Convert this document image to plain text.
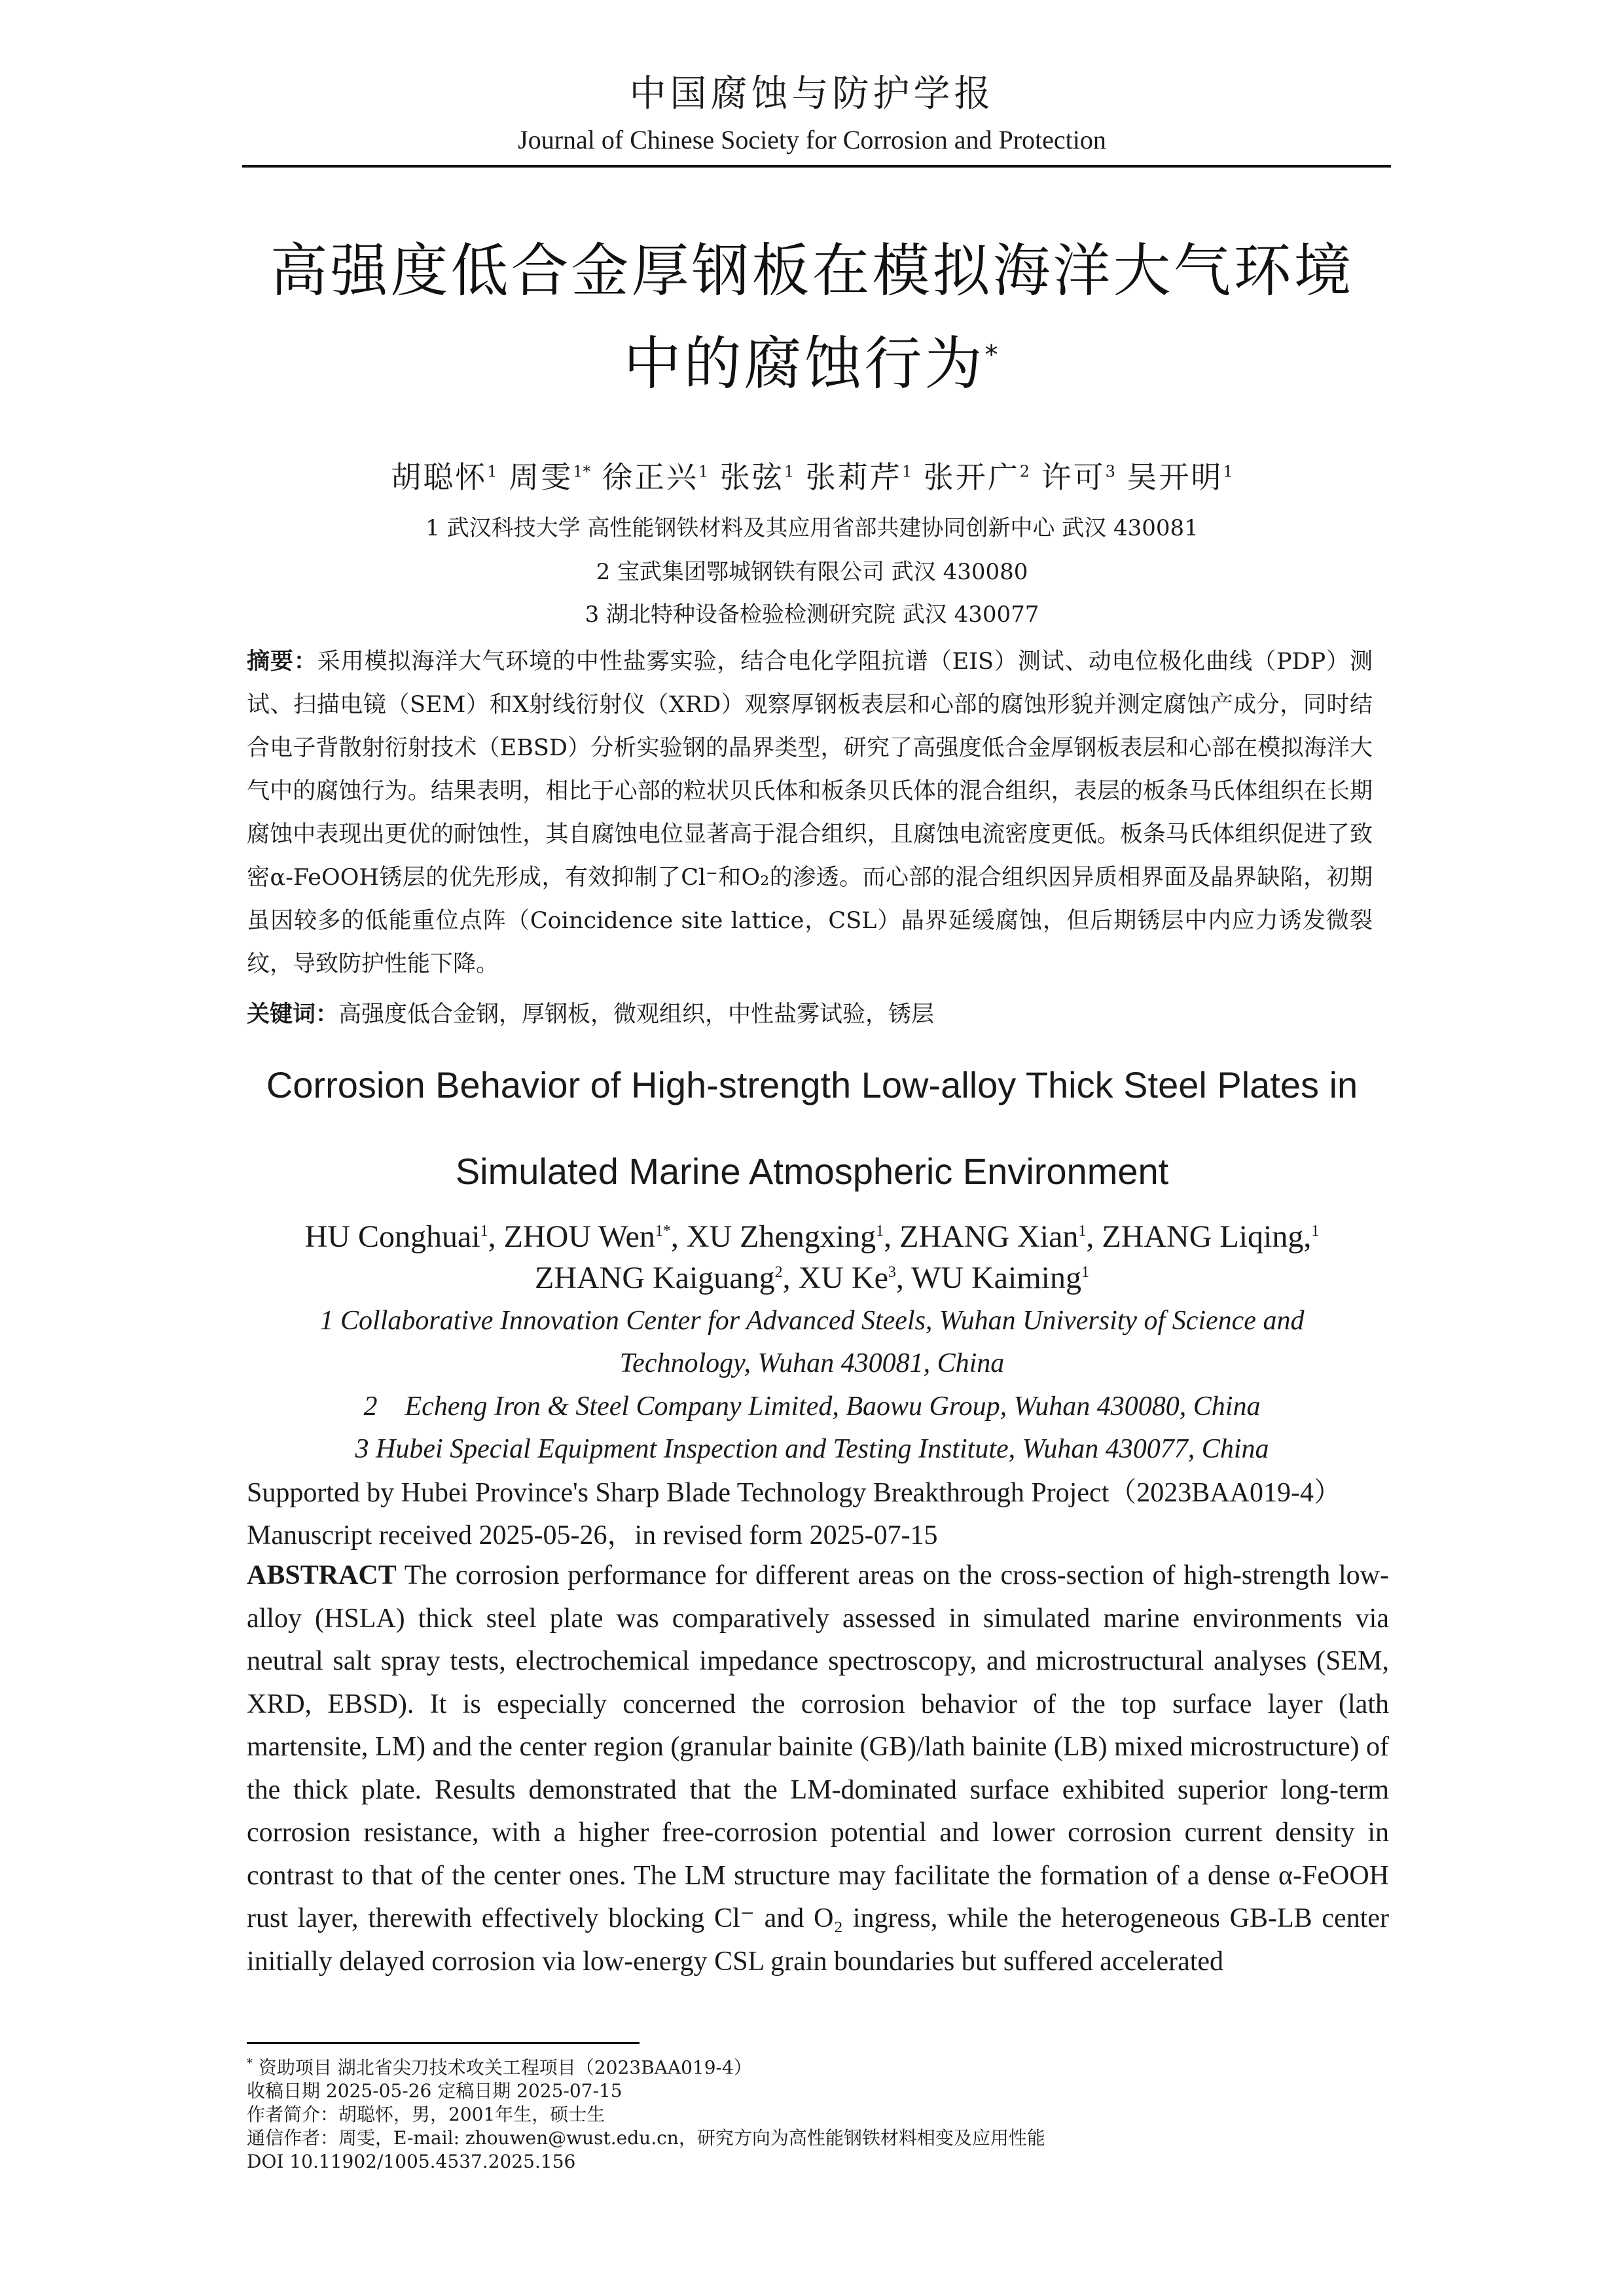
中国腐蚀与防护学报
Journal of Chinese Society for Corrosion and Protection
高强度低合金厚钢板在模拟海洋大气环境
中的腐蚀行为*
胡聪怀$^1$ 周雯$^{1*}$ 徐正兴$^1$ 张弦$^1$ 张莉芹$^1$ 张开广$^2$ 许可$^3$ 吴开明$^1$
1 武汉科技大学 高性能钢铁材料及其应用省部共建协同创新中心 武汉 430081
2 宝武集团鄂城钢铁有限公司 武汉 430080
3 湖北特种设备检验检测研究院 武汉 430077
摘要：采用模拟海洋大气环境的中性盐雾实验，结合电化学阻抗谱（EIS）测试、动电位极化曲线（PDP）测试、扫描电镜（SEM）和X射线衍射仪（XRD）观察厚钢板表层和心部的腐蚀形貌并测定腐蚀产成分，同时结合电子背散射衍射技术（EBSD）分析实验钢的晶界类型，研究了高强度低合金厚钢板表层和心部在模拟海洋大气中的腐蚀行为。结果表明，相比于心部的粒状贝氏体和板条贝氏体的混合组织，表层的板条马氏体组织在长期腐蚀中表现出更优的耐蚀性，其自腐蚀电位显著高于混合组织，且腐蚀电流密度更低。板条马氏体组织促进了致密α-FeOOH锈层的优先形成，有效抑制了Cl⁻和O₂的渗透。而心部的混合组织因异质相界面及晶界缺陷，初期虽因较多的低能重位点阵（Coincidence site lattice，CSL）晶界延缓腐蚀，但后期锈层中内应力诱发微裂纹，导致防护性能下降。
关键词：高强度低合金钢，厚钢板，微观组织，中性盐雾试验，锈层
Corrosion Behavior of High-strength Low-alloy Thick Steel Plates in
Simulated Marine Atmospheric Environment
HU Conghuai$^1$, ZHOU Wen$^{1*}$, XU Zhengxing$^1$, ZHANG Xian$^1$, ZHANG Liqing,$^1$
ZHANG Kaiguang$^2$, XU Ke$^3$, WU Kaiming$^1$
1 Collaborative Innovation Center for Advanced Steels, Wuhan University of Science and
Technology, Wuhan 430081, China
2    Echeng Iron & Steel Company Limited, Baowu Group, Wuhan 430080, China
3 Hubei Special Equipment Inspection and Testing Institute, Wuhan 430077, China
Supported by Hubei Province's Sharp Blade Technology Breakthrough Project（2023BAA019-4）
Manuscript received 2025-05-26，in revised form 2025-07-15
ABSTRACT The corrosion performance for different areas on the cross-section of high-strength low-alloy (HSLA) thick steel plate was comparatively assessed in simulated marine environments via neutral salt spray tests, electrochemical impedance spectroscopy, and microstructural analyses (SEM, XRD, EBSD). It is especially concerned the corrosion behavior of the top surface layer (lath martensite, LM) and the center region (granular bainite (GB)/lath bainite (LB) mixed microstructure) of the thick plate. Results demonstrated that the LM-dominated surface exhibited superior long-term corrosion resistance, with a higher free-corrosion potential and lower corrosion current density in contrast to that of the center ones. The LM structure may facilitate the formation of a dense α-FeOOH rust layer, therewith effectively blocking Cl⁻ and O₂ ingress, while the heterogeneous GB-LB center initially delayed corrosion via low-energy CSL grain boundaries but suffered accelerated
* 资助项目 湖北省尖刀技术攻关工程项目（2023BAA019-4）
收稿日期 2025-05-26 定稿日期 2025-07-15
作者简介：胡聪怀，男，2001年生，硕士生
通信作者：周雯，E-mail: zhouwen@wust.edu.cn，研究方向为高性能钢铁材料相变及应用性能
DOI 10.11902/1005.4537.2025.156
